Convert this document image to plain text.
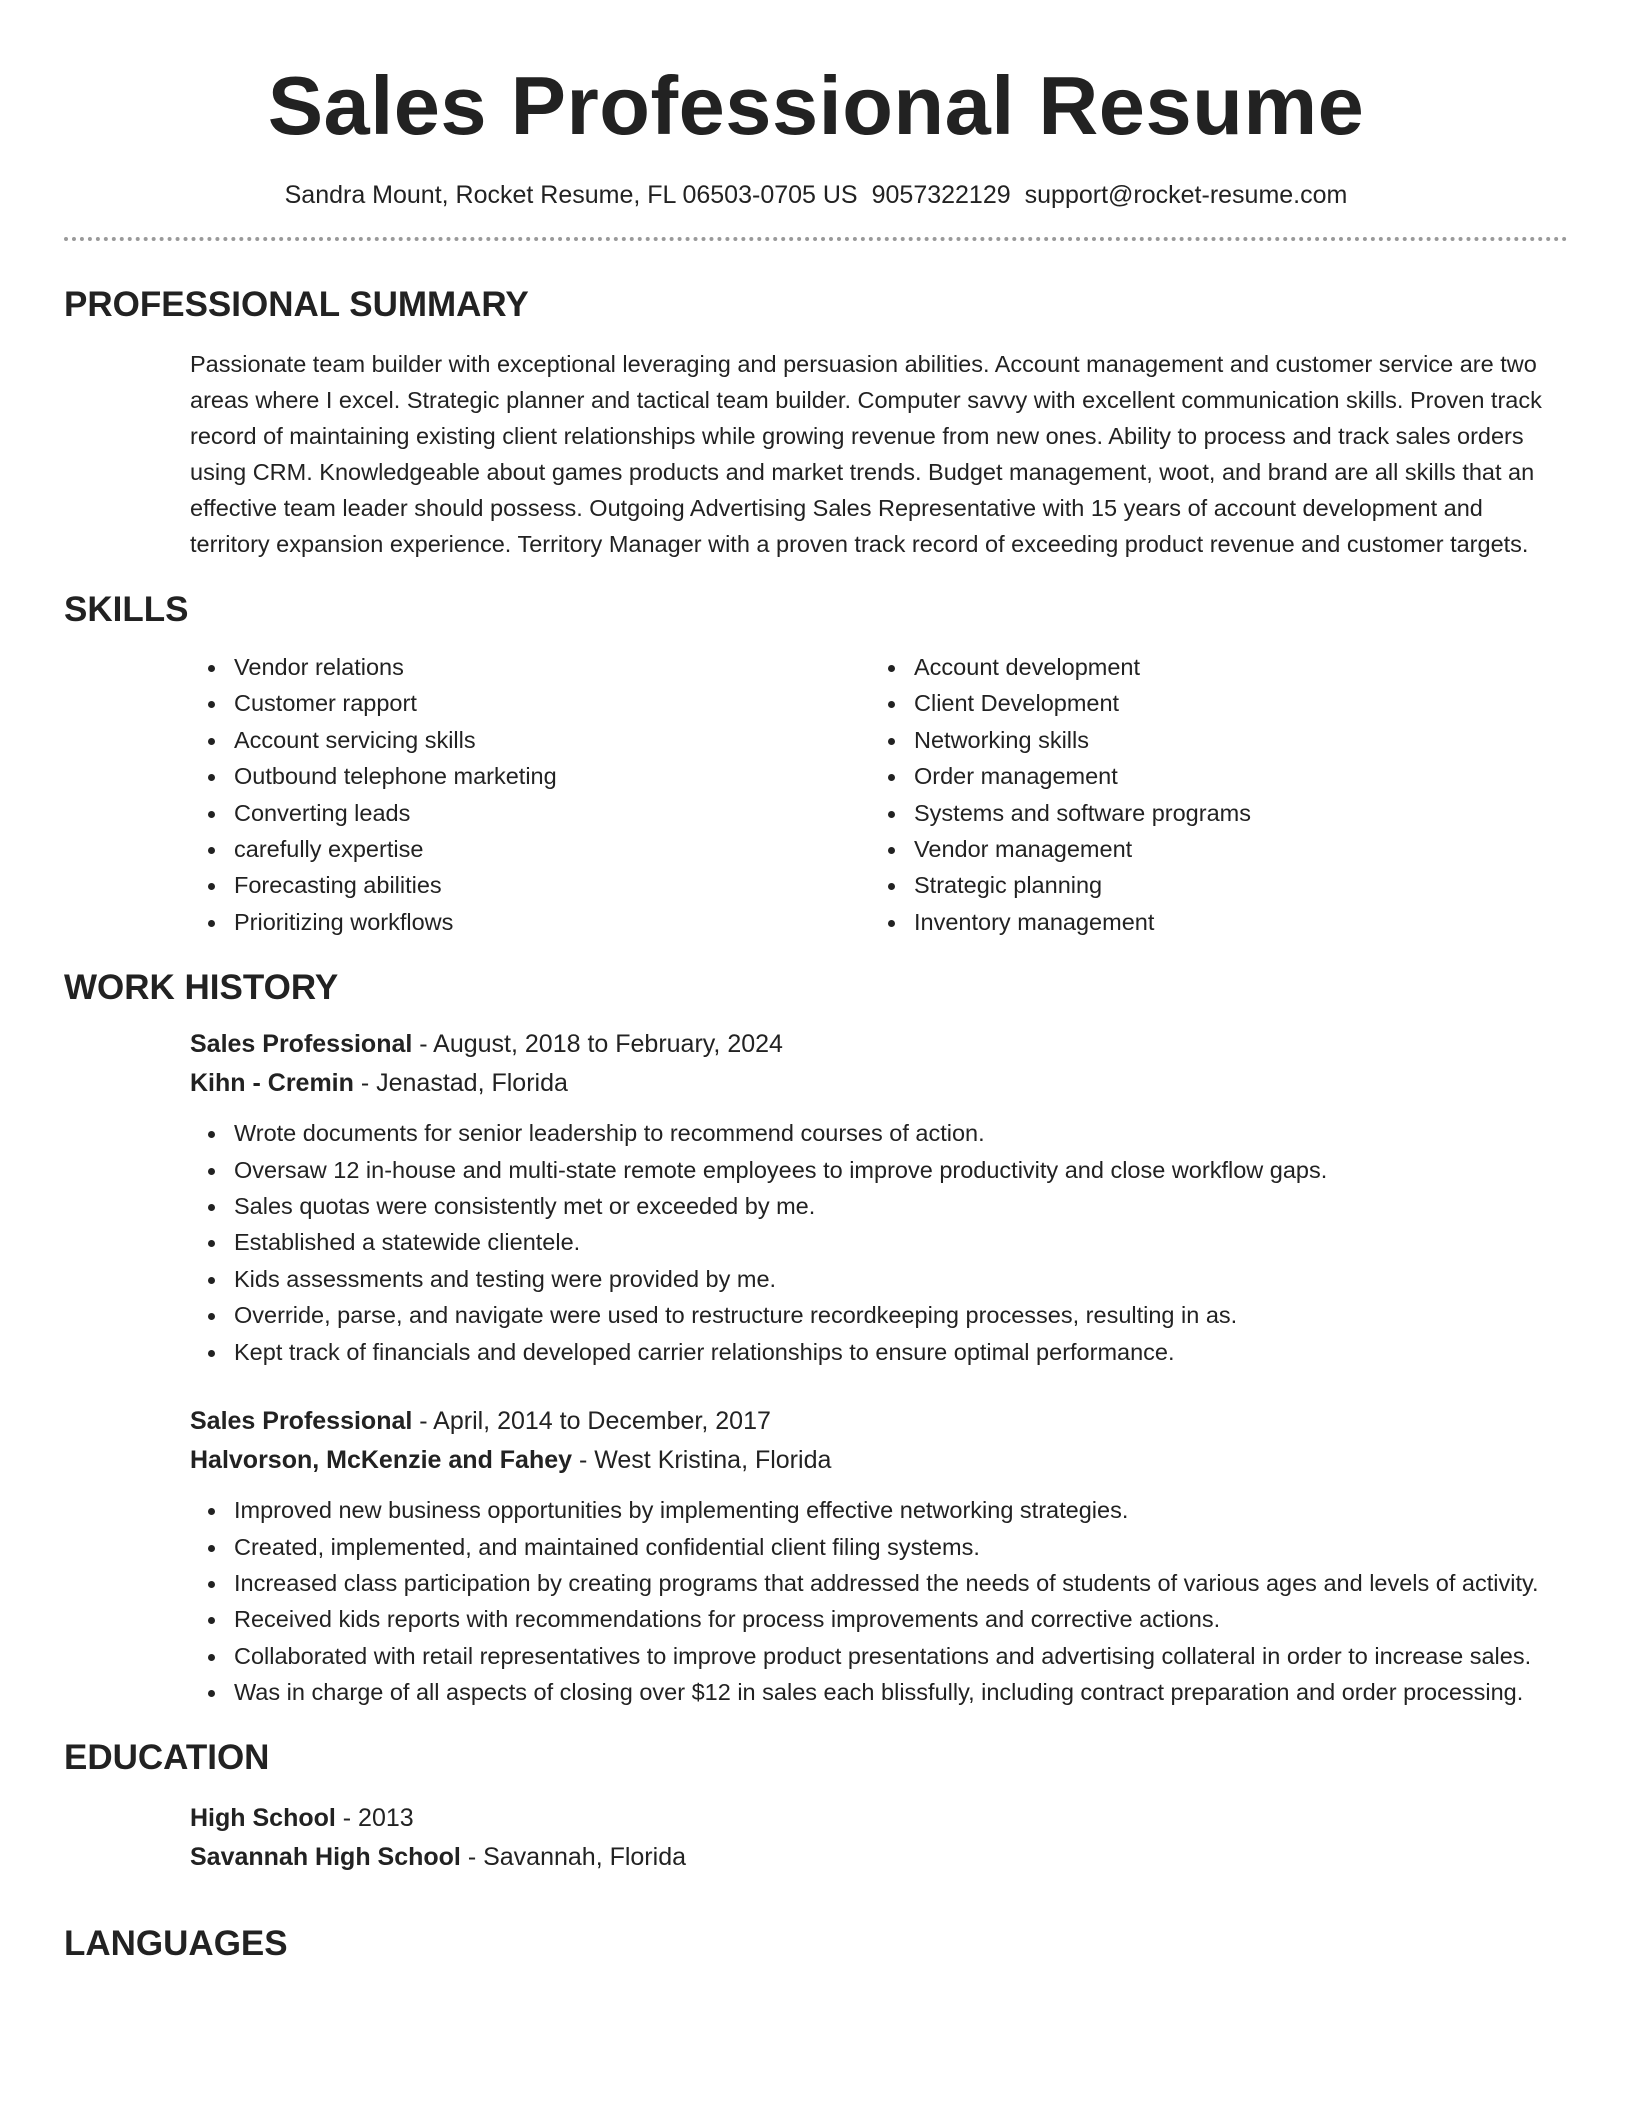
Sales Professional Resume
Sandra Mount, Rocket Resume, FL 06503-0705 US 9057322129 support@rocket-resume.com
PROFESSIONAL SUMMARY
Passionate team builder with exceptional leveraging and persuasion abilities. Account management and customer service are two areas where I excel. Strategic planner and tactical team builder. Computer savvy with excellent communication skills. Proven track record of maintaining existing client relationships while growing revenue from new ones. Ability to process and track sales orders using CRM. Knowledgeable about games products and market trends. Budget management, woot, and brand are all skills that an effective team leader should possess. Outgoing Advertising Sales Representative with 15 years of account development and territory expansion experience. Territory Manager with a proven track record of exceeding product revenue and customer targets.
SKILLS
Vendor relations
Customer rapport
Account servicing skills
Outbound telephone marketing
Converting leads
carefully expertise
Forecasting abilities
Prioritizing workflows
Account development
Client Development
Networking skills
Order management
Systems and software programs
Vendor management
Strategic planning
Inventory management
WORK HISTORY
Sales Professional - August, 2018 to February, 2024
Kihn - Cremin - Jenastad, Florida
Wrote documents for senior leadership to recommend courses of action.
Oversaw 12 in-house and multi-state remote employees to improve productivity and close workflow gaps.
Sales quotas were consistently met or exceeded by me.
Established a statewide clientele.
Kids assessments and testing were provided by me.
Override, parse, and navigate were used to restructure recordkeeping processes, resulting in as.
Kept track of financials and developed carrier relationships to ensure optimal performance.
Sales Professional - April, 2014 to December, 2017
Halvorson, McKenzie and Fahey - West Kristina, Florida
Improved new business opportunities by implementing effective networking strategies.
Created, implemented, and maintained confidential client filing systems.
Increased class participation by creating programs that addressed the needs of students of various ages and levels of activity.
Received kids reports with recommendations for process improvements and corrective actions.
Collaborated with retail representatives to improve product presentations and advertising collateral in order to increase sales.
Was in charge of all aspects of closing over $12 in sales each blissfully, including contract preparation and order processing.
EDUCATION
High School - 2013
Savannah High School - Savannah, Florida
LANGUAGES
